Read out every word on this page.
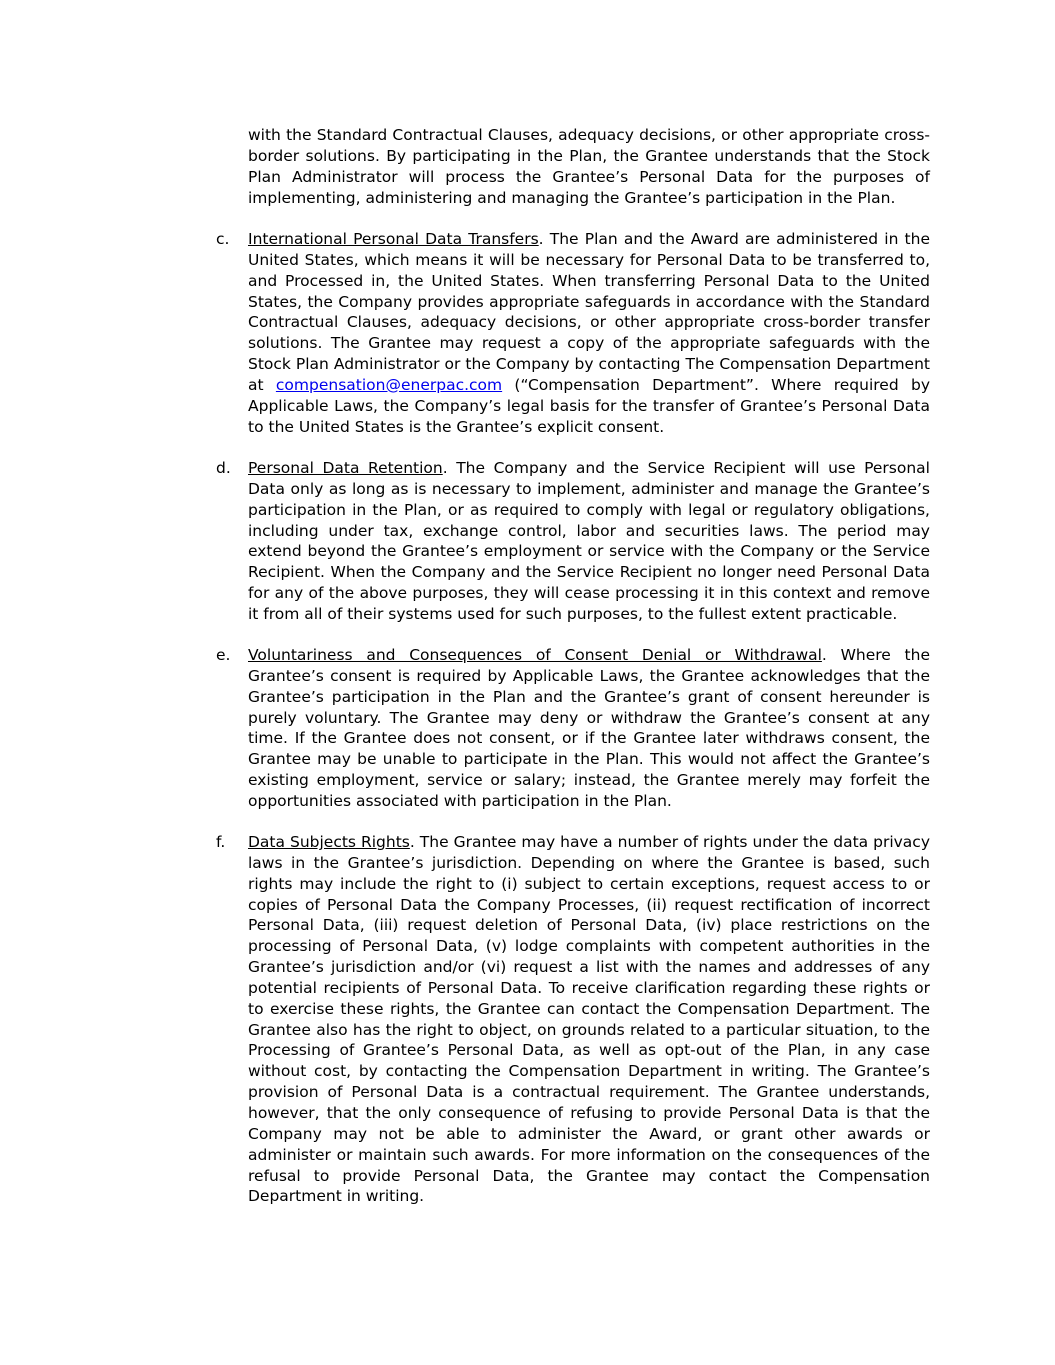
with the Standard Contractual Clauses, adequacy decisions, or other appropriate cross-border solutions. By participating in the Plan, the Grantee understands that the Stock Plan Administrator will process the Grantee’s Personal Data for the purposes of implementing, administering and managing the Grantee’s participation in the Plan.

c. International Personal Data Transfers. The Plan and the Award are administered in the United States, which means it will be necessary for Personal Data to be transferred to, and Processed in, the United States. When transferring Personal Data to the United States, the Company provides appropriate safeguards in accordance with the Standard Contractual Clauses, adequacy decisions, or other appropriate cross-border transfer solutions. The Grantee may request a copy of the appropriate safeguards with the Stock Plan Administrator or the Company by contacting The Compensation Department at compensation@enerpac.com (“Compensation Department”. Where required by Applicable Laws, the Company’s legal basis for the transfer of Grantee’s Personal Data to the United States is the Grantee’s explicit consent.

d. Personal Data Retention. The Company and the Service Recipient will use Personal Data only as long as is necessary to implement, administer and manage the Grantee’s participation in the Plan, or as required to comply with legal or regulatory obligations, including under tax, exchange control, labor and securities laws. The period may extend beyond the Grantee’s employment or service with the Company or the Service Recipient. When the Company and the Service Recipient no longer need Personal Data for any of the above purposes, they will cease processing it in this context and remove it from all of their systems used for such purposes, to the fullest extent practicable.

e. Voluntariness and Consequences of Consent Denial or Withdrawal. Where the Grantee’s consent is required by Applicable Laws, the Grantee acknowledges that the Grantee’s participation in the Plan and the Grantee’s grant of consent hereunder is purely voluntary. The Grantee may deny or withdraw the Grantee’s consent at any time. If the Grantee does not consent, or if the Grantee later withdraws consent, the Grantee may be unable to participate in the Plan. This would not affect the Grantee’s existing employment, service or salary; instead, the Grantee merely may forfeit the opportunities associated with participation in the Plan.

f. Data Subjects Rights. The Grantee may have a number of rights under the data privacy laws in the Grantee’s jurisdiction. Depending on where the Grantee is based, such rights may include the right to (i) subject to certain exceptions, request access to or copies of Personal Data the Company Processes, (ii) request rectification of incorrect Personal Data, (iii) request deletion of Personal Data, (iv) place restrictions on the processing of Personal Data, (v) lodge complaints with competent authorities in the Grantee’s jurisdiction and/or (vi) request a list with the names and addresses of any potential recipients of Personal Data. To receive clarification regarding these rights or to exercise these rights, the Grantee can contact the Compensation Department. The Grantee also has the right to object, on grounds related to a particular situation, to the Processing of Grantee’s Personal Data, as well as opt-out of the Plan, in any case without cost, by contacting the Compensation Department in writing. The Grantee’s provision of Personal Data is a contractual requirement. The Grantee understands, however, that the only consequence of refusing to provide Personal Data is that the Company may not be able to administer the Award, or grant other awards or administer or maintain such awards. For more information on the consequences of the refusal to provide Personal Data, the Grantee may contact the Compensation Department in writing.
